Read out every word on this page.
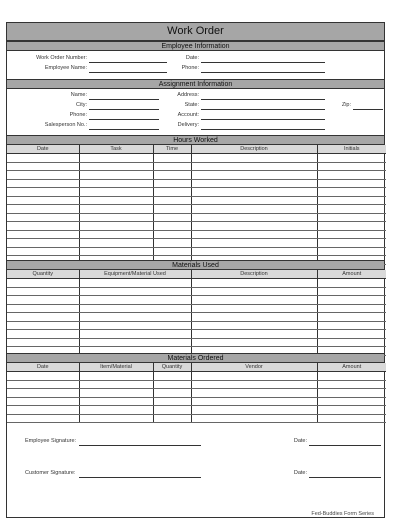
Work Order
Employee Information
Work Order Number:
Employee Name:
Date:
Phone:
Assignment Information
Name:
City:
Phone:
Salesperson No.:
Address:
State:
Account:
Delivery:
Zip:
Hours Worked
Date	Task	Time	Description	Initials

Materials Used
Quantity	Equipment/Material Used	Description	Amount

Materials Ordered
Date	Item/Material	Quantity	Vendor	Amount

Employee Signature:	Date:
Customer Signature:	Date:
Fed-Buddies Form Series
